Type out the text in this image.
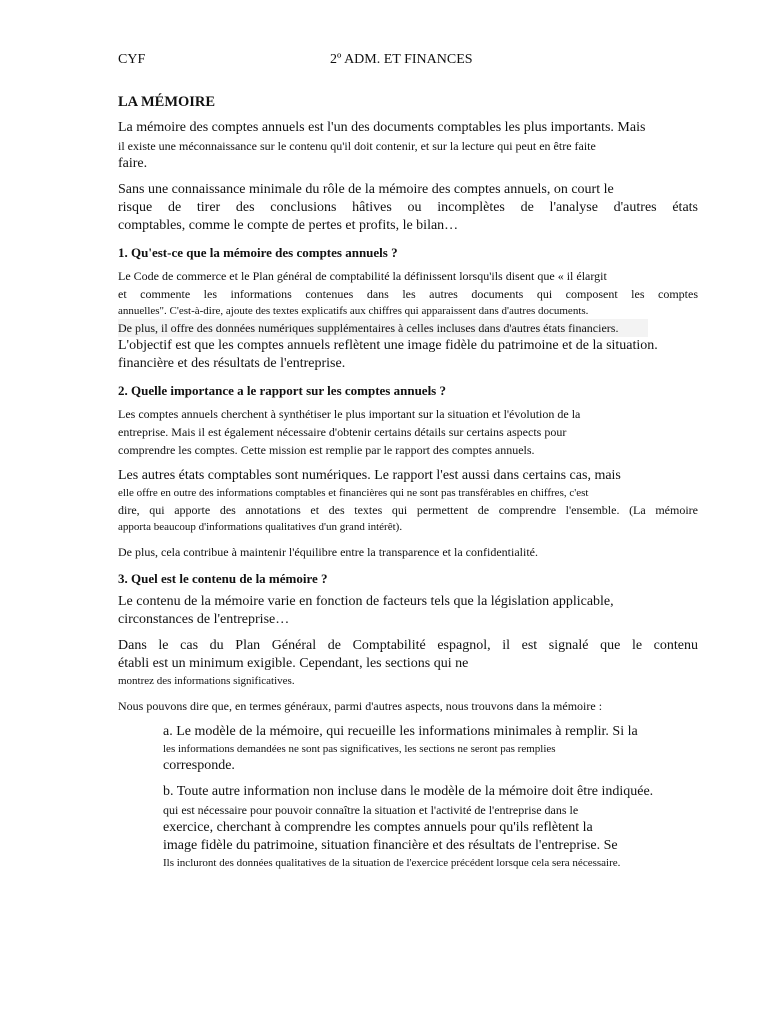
CYF	2º ADM. ET FINANCES
LA MÉMOIRE

La mémoire des comptes annuels est l'un des documents comptables les plus importants. Mais
il existe une méconnaissance sur le contenu qu'il doit contenir, et sur la lecture qui peut en être faite
faire.

Sans une connaissance minimale du rôle de la mémoire des comptes annuels, on court le
risque de tirer des conclusions hâtives ou incomplètes de l'analyse d'autres états
comptables, comme le compte de pertes et profits, le bilan…

1. Qu'est-ce que la mémoire des comptes annuels ?

Le Code de commerce et le Plan général de comptabilité la définissent lorsqu'ils disent que « il élargit
et commente les informations contenues dans les autres documents qui composent les comptes
annuelles". C'est-à-dire, ajoute des textes explicatifs aux chiffres qui apparaissent dans d'autres documents.
De plus, il offre des données numériques supplémentaires à celles incluses dans d'autres états financiers.
L'objectif est que les comptes annuels reflètent une image fidèle du patrimoine et de la situation.
financière et des résultats de l'entreprise.

2. Quelle importance a le rapport sur les comptes annuels ?

Les comptes annuels cherchent à synthétiser le plus important sur la situation et l'évolution de la
entreprise. Mais il est également nécessaire d'obtenir certains détails sur certains aspects pour
comprendre les comptes. Cette mission est remplie par le rapport des comptes annuels.

Les autres états comptables sont numériques. Le rapport l'est aussi dans certains cas, mais
elle offre en outre des informations comptables et financières qui ne sont pas transférables en chiffres, c'est
dire, qui apporte des annotations et des textes qui permettent de comprendre l'ensemble. (La mémoire
apporta beaucoup d'informations qualitatives d'un grand intérêt).

De plus, cela contribue à maintenir l'équilibre entre la transparence et la confidentialité.

3. Quel est le contenu de la mémoire ?

Le contenu de la mémoire varie en fonction de facteurs tels que la législation applicable,
circonstances de l'entreprise…

Dans le cas du Plan Général de Comptabilité espagnol, il est signalé que le contenu
établi est un minimum exigible. Cependant, les sections qui ne
montrez des informations significatives.

Nous pouvons dire que, en termes généraux, parmi d'autres aspects, nous trouvons dans la mémoire :

a. Le modèle de la mémoire, qui recueille les informations minimales à remplir. Si la
les informations demandées ne sont pas significatives, les sections ne seront pas remplies
corresponde.

b. Toute autre information non incluse dans le modèle de la mémoire doit être indiquée.
qui est nécessaire pour pouvoir connaître la situation et l'activité de l'entreprise dans le
exercice, cherchant à comprendre les comptes annuels pour qu'ils reflètent la
image fidèle du patrimoine, situation financière et des résultats de l'entreprise. Se
Ils incluront des données qualitatives de la situation de l'exercice précédent lorsque cela sera nécessaire.
